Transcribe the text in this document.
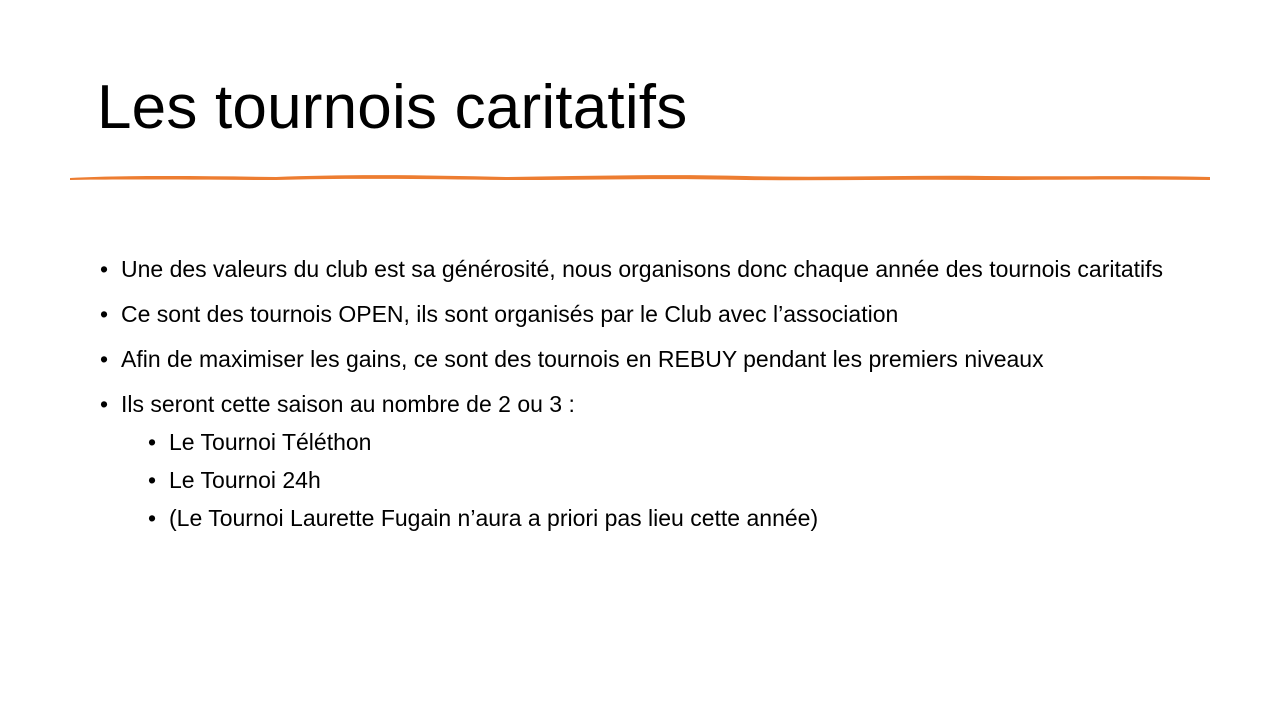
Les tournois caritatifs
• Une des valeurs du club est sa générosité, nous organisons donc chaque année des tournois caritatifs
• Ce sont des tournois OPEN, ils sont organisés par le Club avec l’association
• Afin de maximiser les gains, ce sont des tournois en REBUY pendant les premiers niveaux
• Ils seront cette saison au nombre de 2 ou 3 :
• Le Tournoi Téléthon
• Le Tournoi 24h
• (Le Tournoi Laurette Fugain n’aura a priori pas lieu cette année)
